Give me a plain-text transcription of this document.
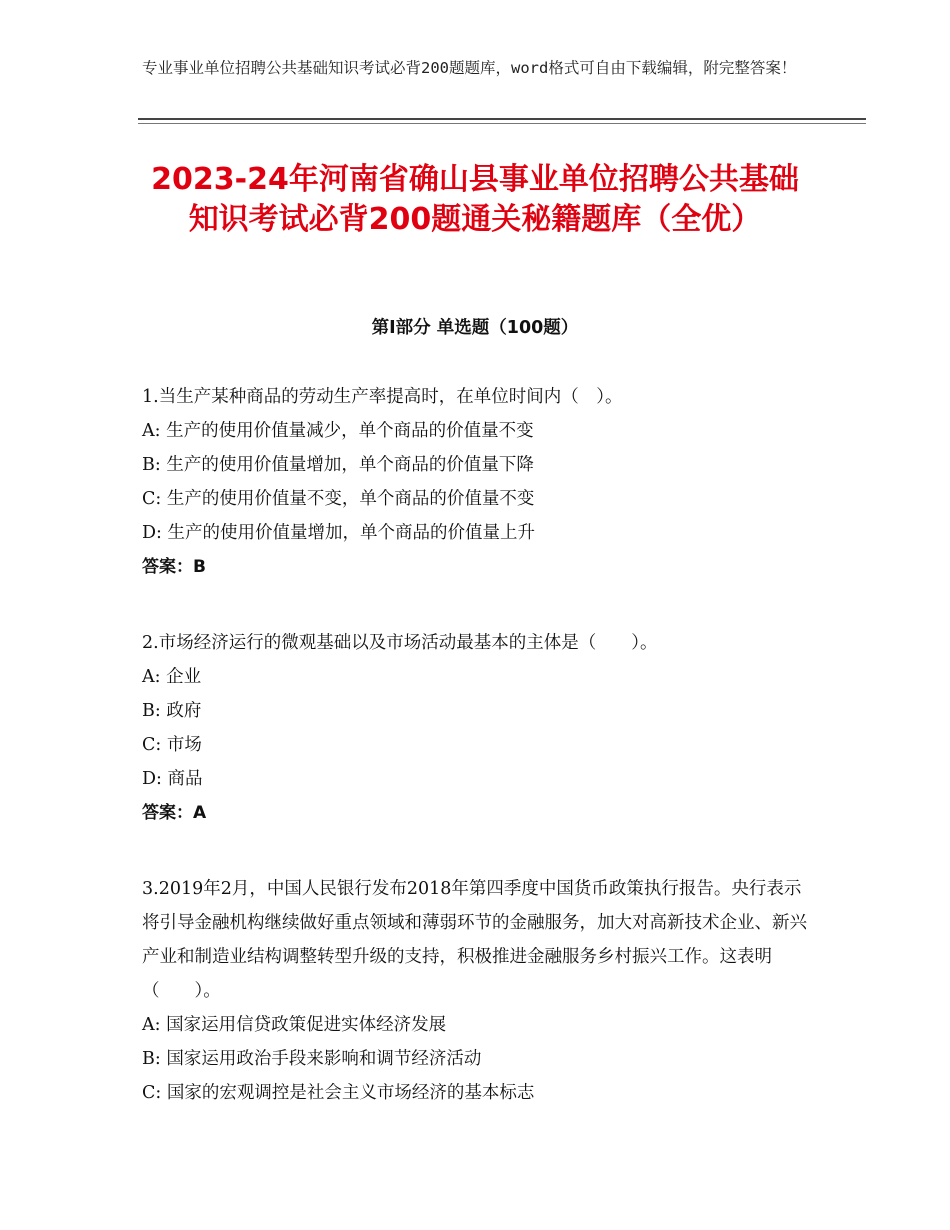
专业事业单位招聘公共基础知识考试必背200题题库，word格式可自由下载编辑，附完整答案！
2023-24年河南省确山县事业单位招聘公共基础知识考试必背200题通关秘籍题库（全优）
第I部分 单选题（100题）
1.当生产某种商品的劳动生产率提高时，在单位时间内（　）。
A: 生产的使用价值量减少，单个商品的价值量不变
B: 生产的使用价值量增加，单个商品的价值量下降
C: 生产的使用价值量不变，单个商品的价值量不变
D: 生产的使用价值量增加，单个商品的价值量上升
答案：B
2.市场经济运行的微观基础以及市场活动最基本的主体是（　　）。
A: 企业
B: 政府
C: 市场
D: 商品
答案：A
3.2019年2月，中国人民银行发布2018年第四季度中国货币政策执行报告。央行表示将引导金融机构继续做好重点领域和薄弱环节的金融服务，加大对高新技术企业、新兴产业和制造业结构调整转型升级的支持，积极推进金融服务乡村振兴工作。这表明（　　）。
A: 国家运用信贷政策促进实体经济发展
B: 国家运用政治手段来影响和调节经济活动
C: 国家的宏观调控是社会主义市场经济的基本标志
